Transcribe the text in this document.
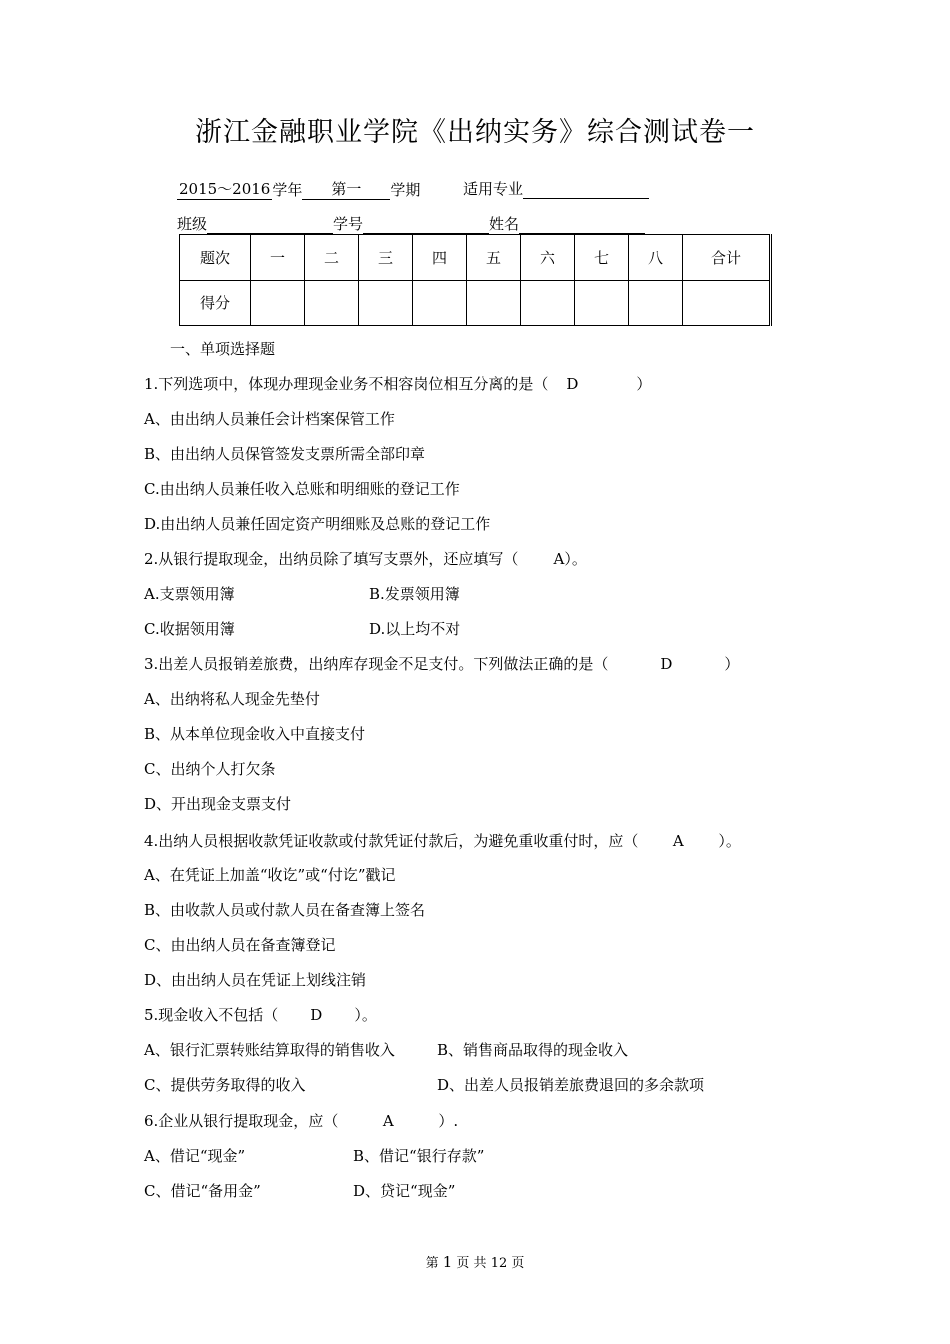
浙江金融职业学院《出纳实务》综合测试卷一
2015～2016 学年 第一 学期	适用专业
班级	学号	姓名
题次	一	二	三	四	五	六	七	八	合计
得分									
一、单项选择题
1.下列选项中，体现办理现金业务不相容岗位相互分离的是（ D	）
A、由出纳人员兼任会计档案保管工作
B、由出纳人员保管签发支票所需全部印章
C.由出纳人员兼任收入总账和明细账的登记工作
D.由出纳人员兼任固定资产明细账及总账的登记工作
2.从银行提取现金，出纳员除了填写支票外，还应填写（ A）。
A.支票领用簿	B.发票领用簿
C.收据领用簿	D.以上均不对
3.出差人员报销差旅费，出纳库存现金不足支付。下列做法正确的是（	D	）
A、出纳将私人现金先垫付
B、从本单位现金收入中直接支付
C、出纳个人打欠条
D、开出现金支票支付
4.出纳人员根据收款凭证收款或付款凭证付款后，为避免重收重付时，应（ A ）。
A、在凭证上加盖“收讫”或“付讫”戳记
B、由收款人员或付款人员在备查簿上签名
C、由出纳人员在备查簿登记
D、由出纳人员在凭证上划线注销
5.现金收入不包括（ D ）。
A、银行汇票转账结算取得的销售收入	B、销售商品取得的现金收入
C、提供劳务取得的收入	D、出差人员报销差旅费退回的多余款项
6.企业从银行提取现金，应（	A	）.
A、借记“现金”	B、借记“银行存款”
C、借记“备用金”	D、贷记“现金”
第 1 页 共 12 页
